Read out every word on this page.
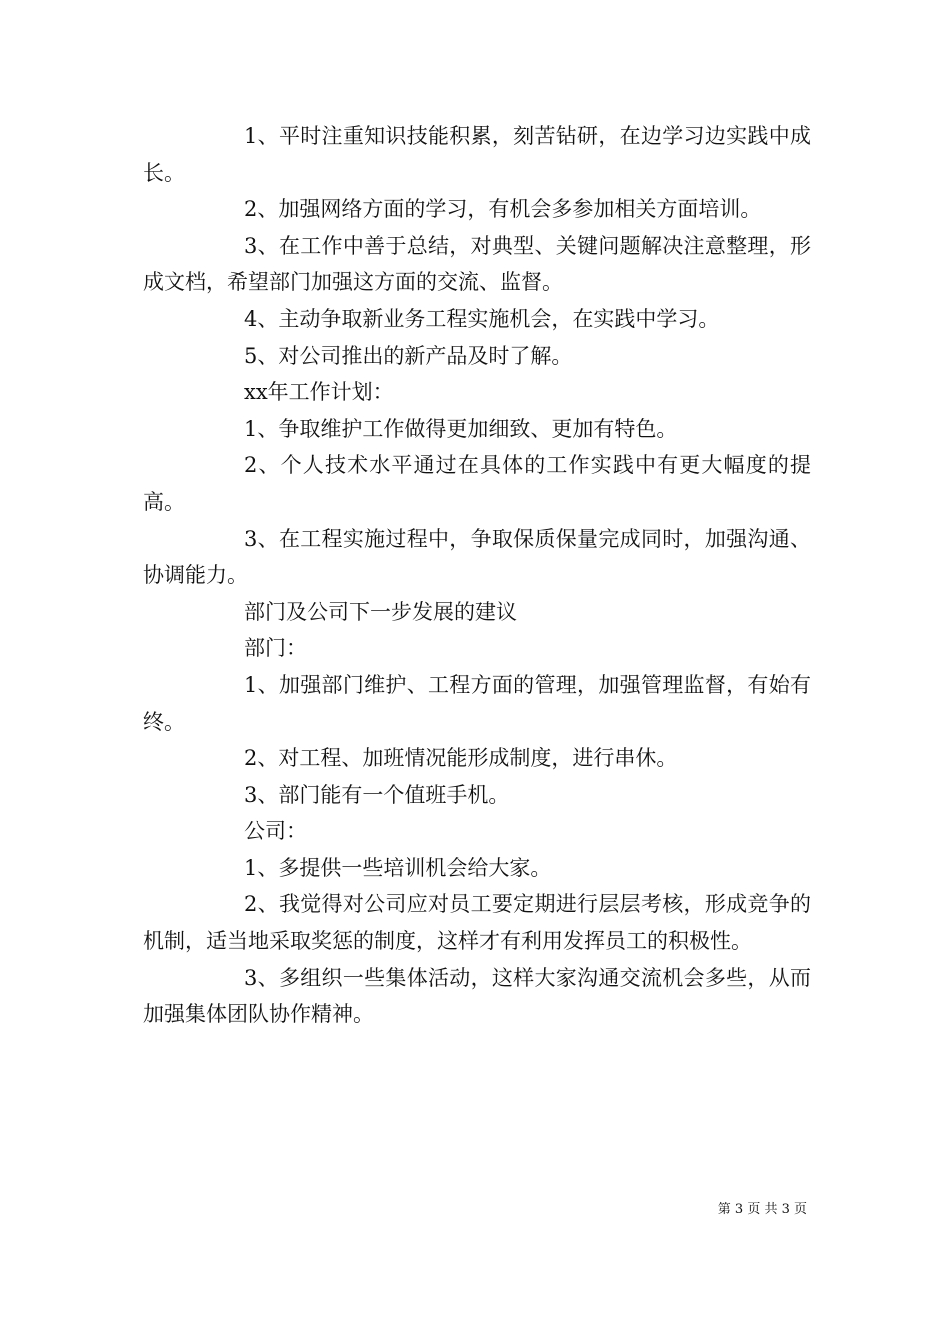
1、平时注重知识技能积累，刻苦钻研，在边学习边实践中成长。

2、加强网络方面的学习，有机会多参加相关方面培训。

3、在工作中善于总结，对典型、关键问题解决注意整理，形成文档，希望部门加强这方面的交流、监督。

4、主动争取新业务工程实施机会，在实践中学习。

5、对公司推出的新产品及时了解。

xx年工作计划：

1、争取维护工作做得更加细致、更加有特色。

2、个人技术水平通过在具体的工作实践中有更大幅度的提高。

3、在工程实施过程中，争取保质保量完成同时，加强沟通、协调能力。

部门及公司下一步发展的建议

部门：

1、加强部门维护、工程方面的管理，加强管理监督，有始有终。

2、对工程、加班情况能形成制度，进行串休。

3、部门能有一个值班手机。

公司：

1、多提供一些培训机会给大家。

2、我觉得对公司应对员工要定期进行层层考核，形成竞争的机制，适当地采取奖惩的制度，这样才有利用发挥员工的积极性。

3、多组织一些集体活动，这样大家沟通交流机会多些，从而加强集体团队协作精神。

第 3 页 共 3 页
